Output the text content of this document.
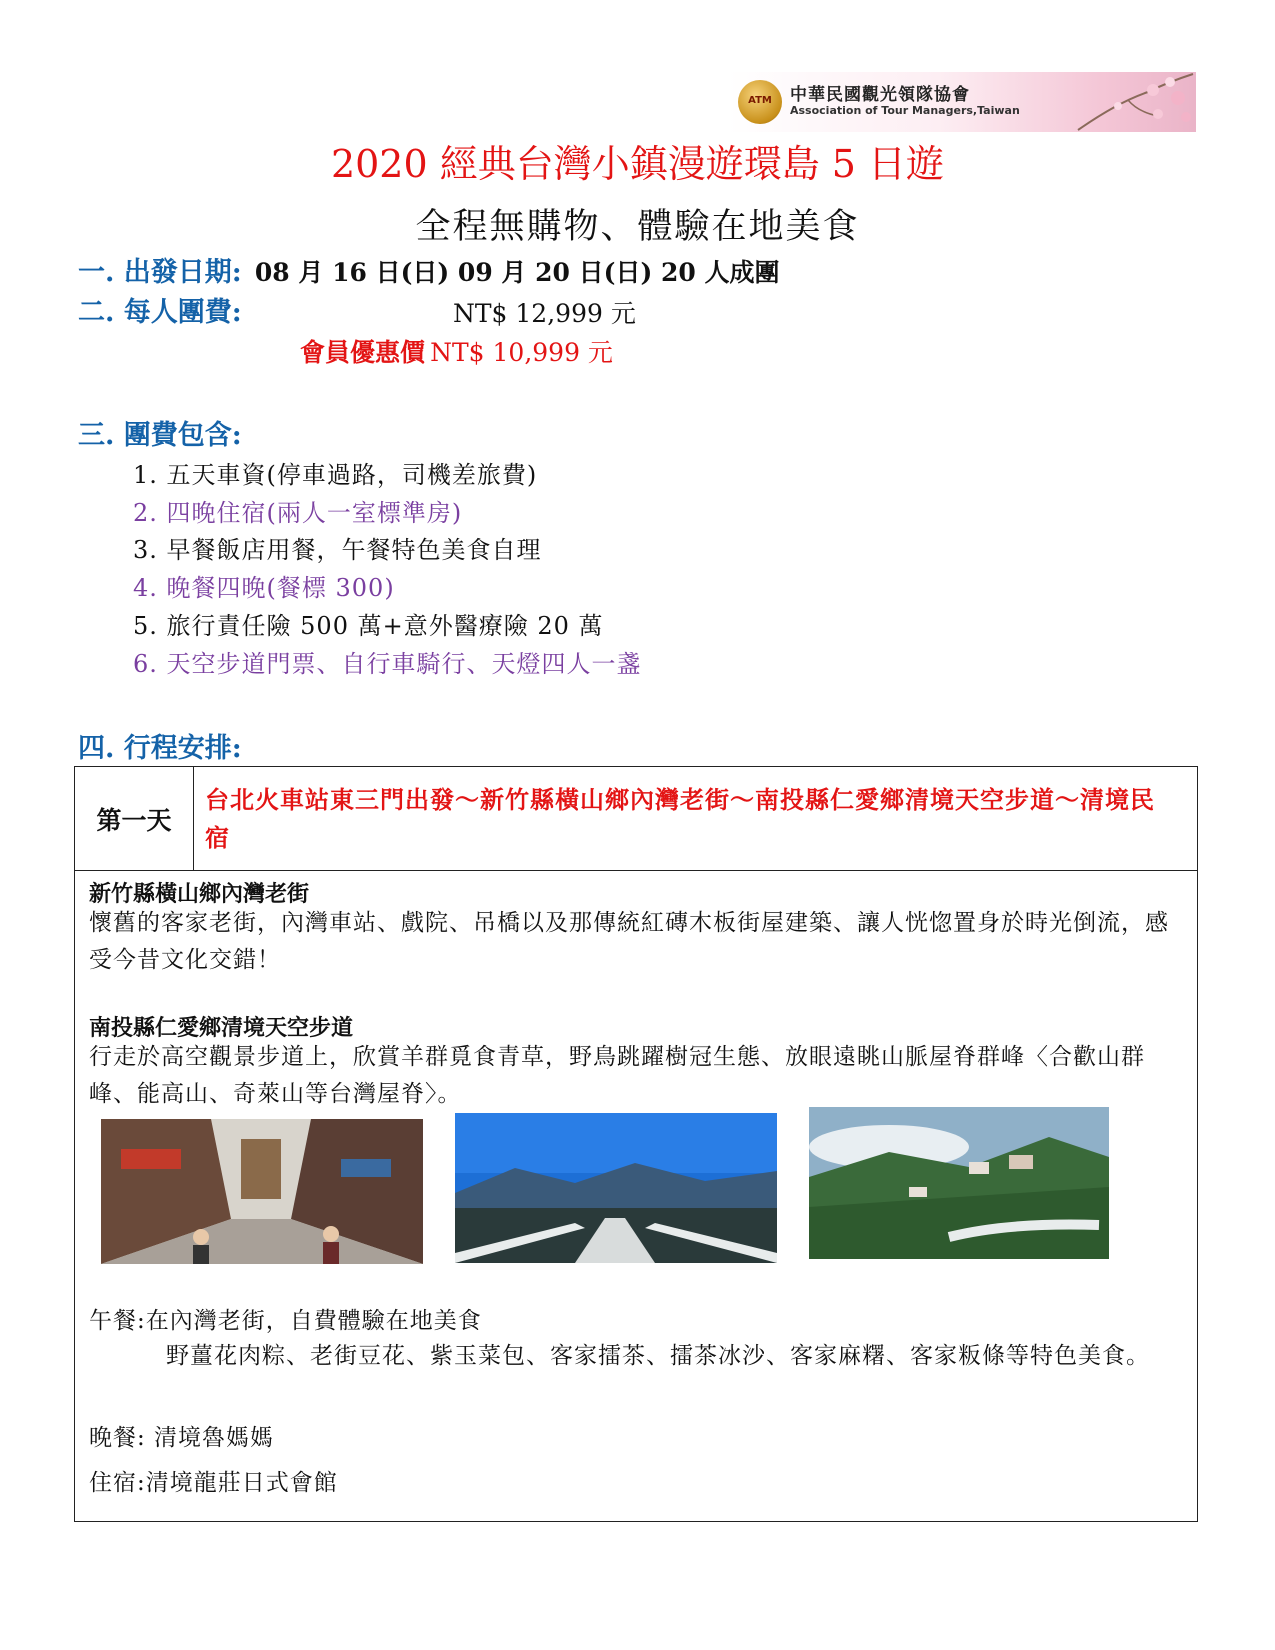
ATM	中華民國觀光領隊協會
Association of Tour Managers,Taiwan
2020 經典台灣小鎮漫遊環島 5 日遊
全程無購物、體驗在地美食
一. 出發日期: 08 月 16 日(日) 09 月 20 日(日) 20 人成團
二. 每人團費:	NT$ 12,999 元
會員優惠價 NT$ 10,999 元
三. 團費包含:
1. 五天車資(停車過路，司機差旅費)
2. 四晚住宿(兩人一室標準房)
3. 早餐飯店用餐，午餐特色美食自理
4. 晚餐四晚(餐標 300)
5. 旅行責任險 500 萬+意外醫療險 20 萬
6. 天空步道門票、自行車騎行、天燈四人一盞
四. 行程安排:
第一天
台北火車站東三門出發～新竹縣橫山鄉內灣老街～南投縣仁愛鄉清境天空步道～清境民宿
新竹縣橫山鄉內灣老街
懷舊的客家老街，內灣車站、戲院、吊橋以及那傳統紅磚木板街屋建築、讓人恍惚置身於時光倒流，感受今昔文化交錯！
南投縣仁愛鄉清境天空步道
行走於高空觀景步道上，欣賞羊群覓食青草，野鳥跳躍樹冠生態、放眼遠眺山脈屋脊群峰〈合歡山群峰、能高山、奇萊山等台灣屋脊〉。
午餐:在內灣老街，自費體驗在地美食
野薑花肉粽、老街豆花、紫玉菜包、客家擂茶、擂茶冰沙、客家麻糬、客家粄條等特色美食。
晚餐: 清境魯媽媽
住宿:清境龍莊日式會館
